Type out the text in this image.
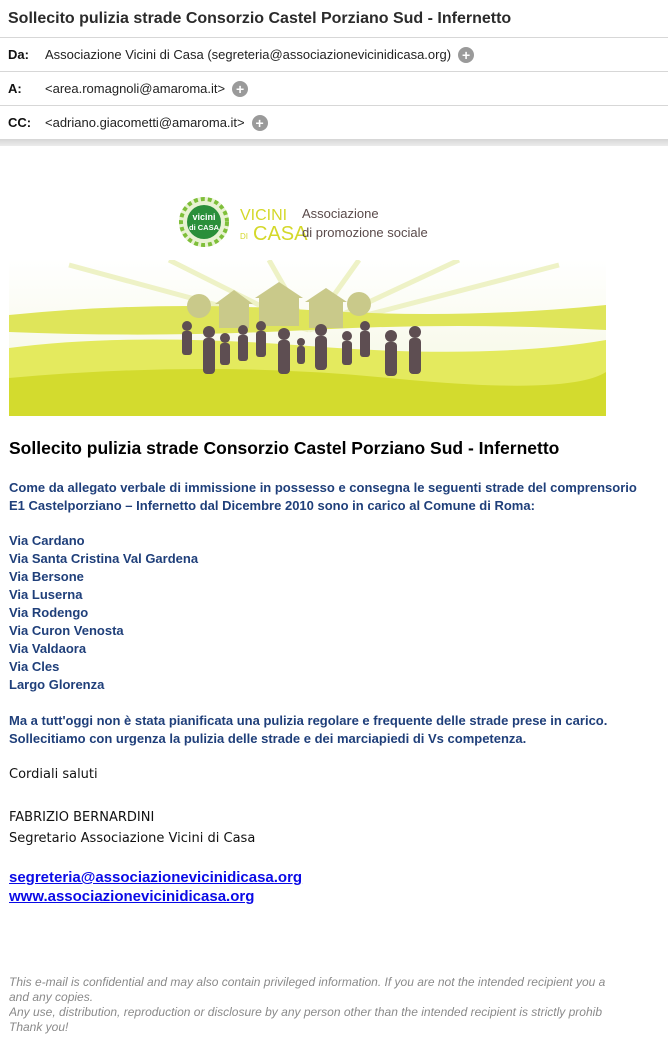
Sollecito pulizia strade Consorzio Castel Porziano Sud - Infernetto
Da:	Associazione Vicini di Casa (segreteria@associazionevicinidicasa.org) +
A:	<area.romagnoli@amaroma.it> +
CC:	<adriano.giacometti@amaroma.it> +
vicini
di CASA
VICINI
DI CASA
Associazione
di promozione sociale
Sollecito pulizia strade Consorzio Castel Porziano Sud - Infernetto
Come da allegato verbale di immissione in possesso e consegna le seguenti strade del comprensorio
E1 Castelporziano – Infernetto dal Dicembre 2010 sono in carico al Comune di Roma:
Via Cardano
Via Santa Cristina Val Gardena
Via Bersone
Via Luserna
Via Rodengo
Via Curon Venosta
Via Valdaora
Via Cles
Largo Glorenza
Ma a tutt'oggi non è stata pianificata una pulizia regolare e frequente delle strade prese in carico.
Sollecitiamo con urgenza la pulizia delle strade e dei marciapiedi di Vs competenza.
Cordiali saluti
FABRIZIO BERNARDINI
Segretario Associazione Vicini di Casa
segreteria@associazionevicinidicasa.org
www.associazionevicinidicasa.org
This e-mail is confidential and may also contain privileged information. If you are not the intended recipient you a
and any copies.
Any use, distribution, reproduction or disclosure by any person other than the intended recipient is strictly prohib
Thank you!
